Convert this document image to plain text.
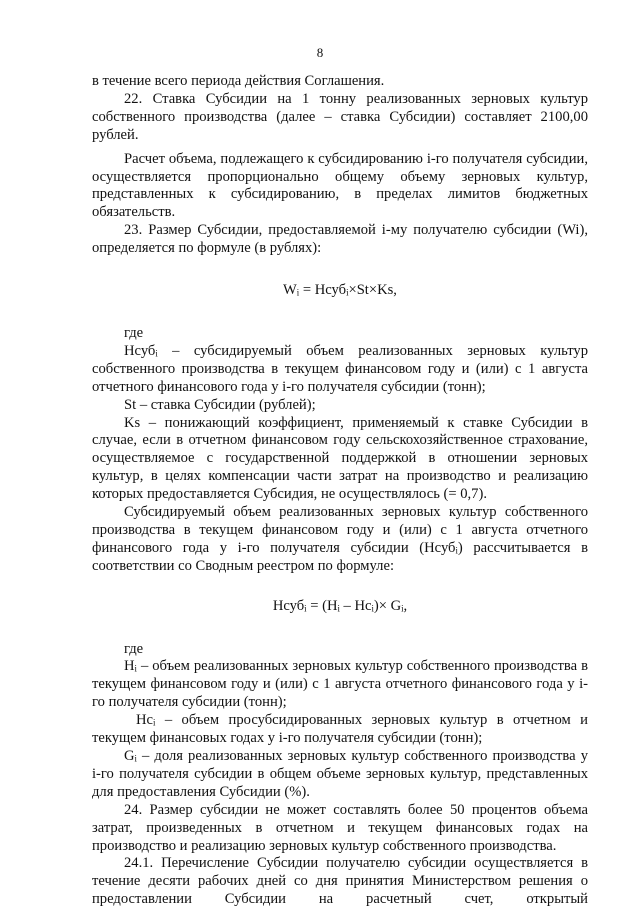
8

в течение всего периода действия Соглашения.

22. Ставка Субсидии на 1 тонну реализованных зерновых культур собственного производства (далее – ставка Субсидии) составляет 2100,00 рублей.

Расчет объема, подлежащего к субсидированию i-го получателя субсидии, осуществляется пропорционально общему объему зерновых культур, представленных к субсидированию, в пределах лимитов бюджетных обязательств.

23. Размер Субсидии, предоставляемой i-му получателю субсидии (Wi), определяется по формуле (в рублях):

Wᵢ = Нсубᵢ×St×Ks,

где

Нсубᵢ – субсидируемый объем реализованных зерновых культур собственного производства в текущем финансовом году и (или) с 1 августа отчетного финансового года у i-го получателя субсидии (тонн);

St – ставка Субсидии (рублей);

Ks – понижающий коэффициент, применяемый к ставке Субсидии в случае, если в отчетном финансовом году сельскохозяйственное страхование, осуществляемое с государственной поддержкой в отношении зерновых культур, в целях компенсации части затрат на производство и реализацию которых предоставляется Субсидия, не осуществлялось (= 0,7).

Субсидируемый объем реализованных зерновых культур собственного производства в текущем финансовом году и (или) с 1 августа отчетного финансового года у i-го получателя субсидии (Нсубᵢ) рассчитывается в соответствии со Сводным реестром по формуле:

Нсубᵢ = (Нᵢ – Нсᵢ)× Gᵢ,

где

Нᵢ – объем реализованных зерновых культур собственного производства в текущем финансовом году и (или) с 1 августа отчетного финансового года у i-го получателя субсидии (тонн);

Нсᵢ – объем просубсидированных зерновых культур в отчетном и текущем финансовых годах у i-го получателя субсидии (тонн);

Gᵢ – доля реализованных зерновых культур собственного производства у i-го получателя субсидии в общем объеме зерновых культур, представленных для предоставления Субсидии (%).

24. Размер субсидии не может составлять более 50 процентов объема затрат, произведенных в отчетном и текущем финансовых годах на производство и реализацию зерновых культур собственного производства.

24.1. Перечисление Субсидии получателю субсидии осуществляется в течение десяти рабочих дней со дня принятия Министерством решения о предоставлении Субсидии на расчетный счет, открытый
